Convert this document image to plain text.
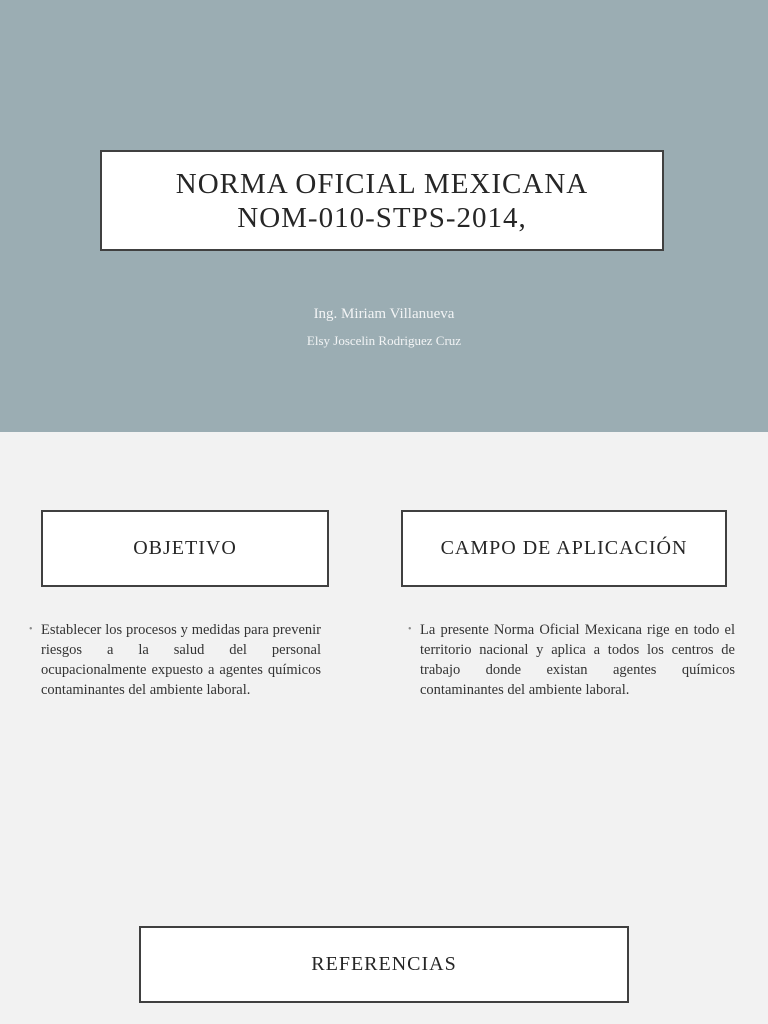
NORMA OFICIAL MEXICANA
NOM-010-STPS-2014,
Ing. Miriam Villanueva
Elsy Joscelin Rodriguez Cruz
OBJETIVO	CAMPO DE APLICACIÓN
• Establecer los procesos y medidas para prevenir riesgos a la salud del personal ocupacionalmente expuesto a agentes químicos contaminantes del ambiente laboral.
• La presente Norma Oficial Mexicana rige en todo el territorio nacional y aplica a todos los centros de trabajo donde existan agentes químicos contaminantes del ambiente laboral.
REFERENCIAS
